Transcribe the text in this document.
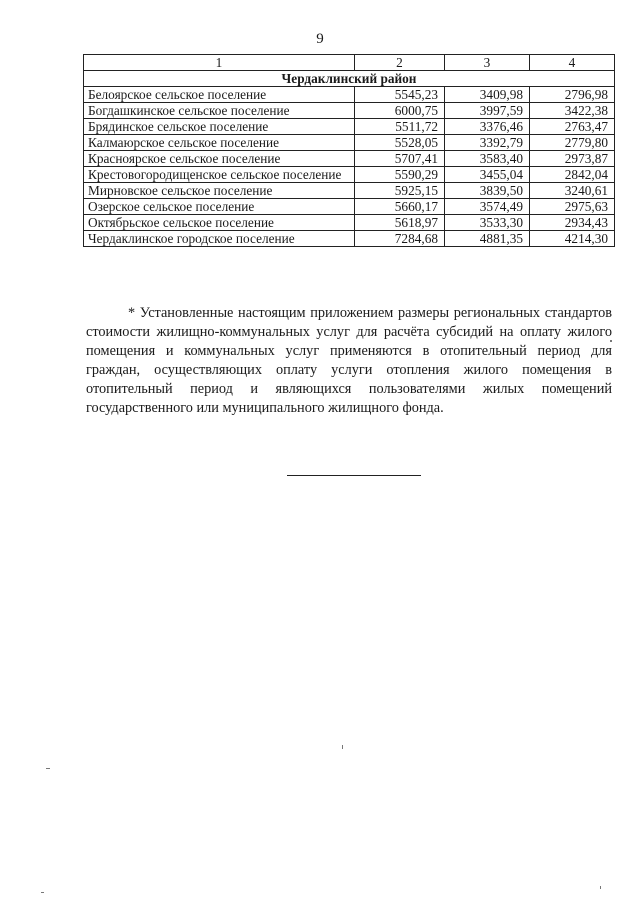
9
1	2	3	4
Чердаклинский район			
Белоярское сельское поселение	5545,23	3409,98	2796,98
Богдашкинское сельское поселение	6000,75	3997,59	3422,38
Брядинское сельское поселение	5511,72	3376,46	2763,47
Калмаюрское сельское поселение	5528,05	3392,79	2779,80
Красноярское сельское поселение	5707,41	3583,40	2973,87
Крестовогородищенское сельское поселение	5590,29	3455,04	2842,04
Мирновское сельское поселение	5925,15	3839,50	3240,61
Озерское сельское поселение	5660,17	3574,49	2975,63
Октябрьское сельское поселение	5618,97	3533,30	2934,43
Чердаклинское городское поселение	7284,68	4881,35	4214,30
* Установленные настоящим приложением размеры региональных стандартов стоимости жилищно-коммунальных услуг для расчёта субсидий на оплату жилого помещения и коммунальных услуг применяются в отопительный период для граждан, осуществляющих оплату услуги отопления жилого помещения в отопительный период и являющихся пользователями жилых помещений государственного или муниципального жилищного фонда.
